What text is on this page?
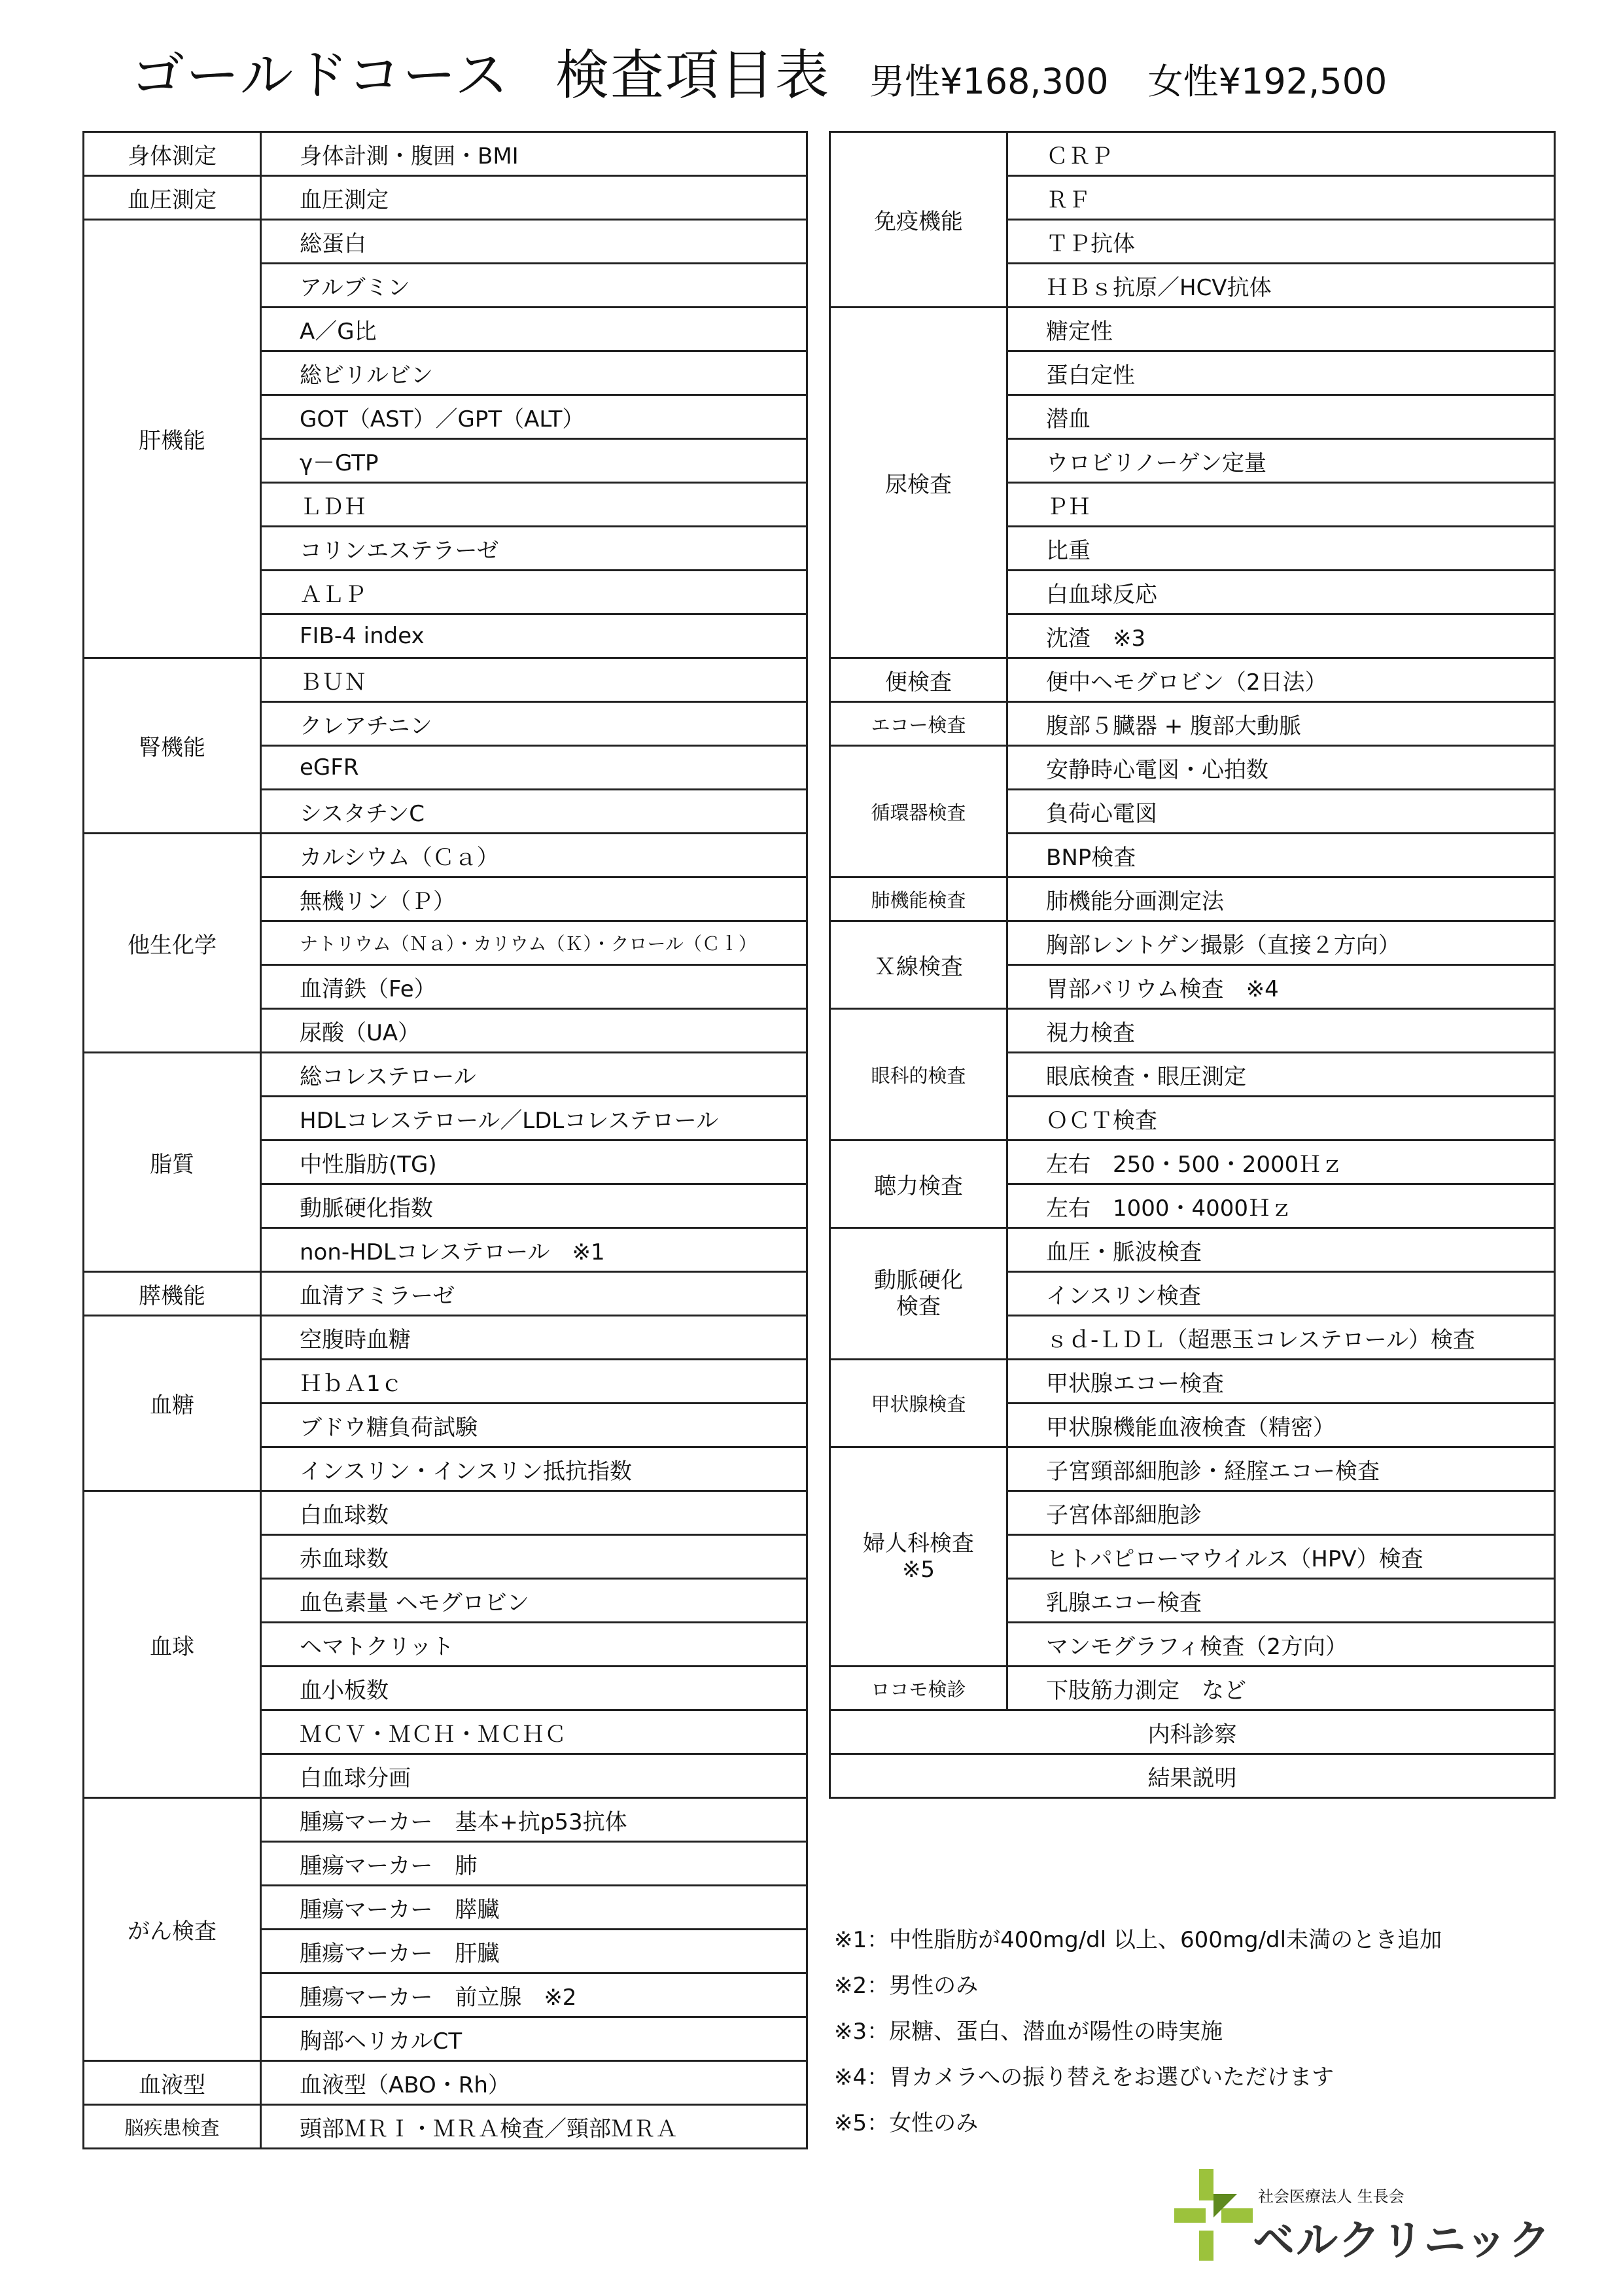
ゴールドコース 検査項目表 男性¥168,300 女性¥192,500
身体測定	身体計測・腹囲・BMI
血圧測定	血圧測定
肝機能	総蛋白
	アルブミン
	A／G比
	総ビリルビン
	GOT（AST）／GPT（ALT）
	γ－GTP
	ＬＤＨ
	コリンエステラーゼ
	ＡＬＰ
	FIB-4 index
腎機能	ＢＵＮ
	クレアチニン
	eGFR
	シスタチンC
他生化学	カルシウム（Ｃａ）
	無機リン（Ｐ）
	ナトリウム（Ｎａ）・カリウム（Ｋ）・クロール（Ｃｌ）
	血清鉄（Fe）
	尿酸（UA）
脂質	総コレステロール
	HDLコレステロール／LDLコレステロール
	中性脂肪(TG)
	動脈硬化指数
	non-HDLコレステロール　※1
膵機能	血清アミラーゼ
血糖	空腹時血糖
	ＨｂＡ1ｃ
	ブドウ糖負荷試験
	インスリン・インスリン抵抗指数
血球	白血球数
	赤血球数
	血色素量 ヘモグロビン
	ヘマトクリット
	血小板数
	ＭＣＶ・ＭＣＨ・ＭＣＨＣ
	白血球分画
がん検査	腫瘍マーカー　基本+抗p53抗体
	腫瘍マーカー　肺
	腫瘍マーカー　膵臓
	腫瘍マーカー　肝臓
	腫瘍マーカー　前立腺　※2
	胸部ヘリカルCT
血液型	血液型（ABO・Rh）
脳疾患検査	頭部ＭＲＩ・ＭＲＡ検査／頸部ＭＲＡ
免疫機能	ＣＲＰ
	ＲＦ
	ＴＰ抗体
	ＨＢｓ抗原／HCV抗体
尿検査	糖定性
	蛋白定性
	潜血
	ウロビリノーゲン定量
	ＰＨ
	比重
	白血球反応
	沈渣　※3
便検査	便中ヘモグロビン（2日法）
エコー検査	腹部５臓器 + 腹部大動脈
循環器検査	安静時心電図・心拍数
	負荷心電図
	BNP検査
肺機能検査	肺機能分画測定法
Ｘ線検査	胸部レントゲン撮影（直接２方向）
	胃部バリウム検査　※4
眼科的検査	視力検査
	眼底検査・眼圧測定
	ＯＣＴ検査
聴力検査	左右　250・500・2000Ｈｚ
	左右　1000・4000Ｈｚ
動脈硬化
検査	血圧・脈波検査
	インスリン検査
	ｓｄ-ＬＤＬ（超悪玉コレステロール）検査
甲状腺検査	甲状腺エコー検査
	甲状腺機能血液検査（精密）
婦人科検査
※5	子宮頸部細胞診・経腟エコー検査
	子宮体部細胞診
	ヒトパピローマウイルス（HPV）検査
	乳腺エコー検査
	マンモグラフィ検査（2方向）
ロコモ検診	下肢筋力測定　など
内科診察	
結果説明	
※1：中性脂肪が400mg/dl 以上、600mg/dl未満のとき追加
※2：男性のみ
※3：尿糖、蛋白、潜血が陽性の時実施
※4：胃カメラへの振り替えをお選びいただけます
※5：女性のみ
社会医療法人 生長会
ベルクリニック
